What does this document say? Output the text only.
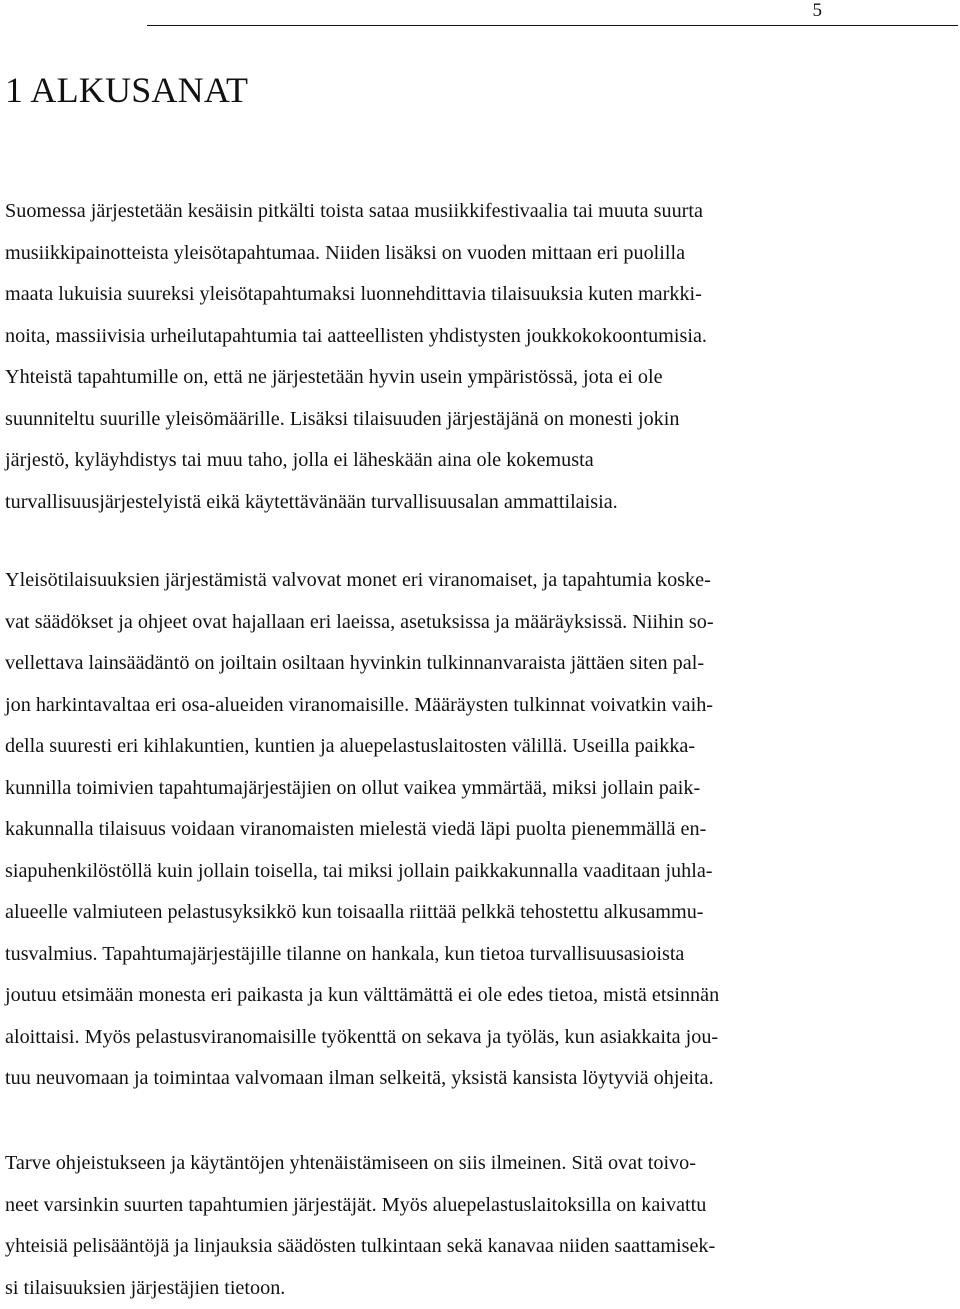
5
1 ALKUSANAT
Suomessa järjestetään kesäisin pitkälti toista sataa musiikkifestivaalia tai muuta suurta
musiikkipainotteista yleisötapahtumaa. Niiden lisäksi on vuoden mittaan eri puolilla
maata lukuisia suureksi yleisötapahtumaksi luonnehdittavia tilaisuuksia kuten markki-
noita, massiivisia urheilutapahtumia tai aatteellisten yhdistysten joukkokokoontumisia.
Yhteistä tapahtumille on, että ne järjestetään hyvin usein ympäristössä, jota ei ole
suunniteltu suurille yleisömäärille. Lisäksi tilaisuuden järjestäjänä on monesti jokin
järjestö, kyläyhdistys tai muu taho, jolla ei läheskään aina ole kokemusta
turvallisuusjärjestelyistä eikä käytettävänään turvallisuusalan ammattilaisia.
Yleisötilaisuuksien järjestämistä valvovat monet eri viranomaiset, ja tapahtumia koske-
vat säädökset ja ohjeet ovat hajallaan eri laeissa, asetuksissa ja määräyksissä. Niihin so-
vellettava lainsäädäntö on joiltain osiltaan hyvinkin tulkinnanvaraista jättäen siten pal-
jon harkintavaltaa eri osa-alueiden viranomaisille. Määräysten tulkinnat voivatkin vaih-
della suuresti eri kihlakuntien, kuntien ja aluepelastuslaitosten välillä. Useilla paikka-
kunnilla toimivien tapahtumajärjestäjien on ollut vaikea ymmärtää, miksi jollain paik-
kakunnalla tilaisuus voidaan viranomaisten mielestä viedä läpi puolta pienemmällä en-
siapuhenkilöstöllä kuin jollain toisella, tai miksi jollain paikkakunnalla vaaditaan juhla-
alueelle valmiuteen pelastusyksikkö kun toisaalla riittää pelkkä tehostettu alkusammu-
tusvalmius. Tapahtumajärjestäjille tilanne on hankala, kun tietoa turvallisuusasioista
joutuu etsimään monesta eri paikasta ja kun välttämättä ei ole edes tietoa, mistä etsinnän
aloittaisi. Myös pelastusviranomaisille työkenttä on sekava ja työläs, kun asiakkaita jou-
tuu neuvomaan ja toimintaa valvomaan ilman selkeitä, yksistä kansista löytyviä ohjeita.
Tarve ohjeistukseen ja käytäntöjen yhtenäistämiseen on siis ilmeinen. Sitä ovat toivo-
neet varsinkin suurten tapahtumien järjestäjät. Myös aluepelastuslaitoksilla on kaivattu
yhteisiä pelisääntöjä ja linjauksia säädösten tulkintaan sekä kanavaa niiden saattamisek-
si tilaisuuksien järjestäjien tietoon.
